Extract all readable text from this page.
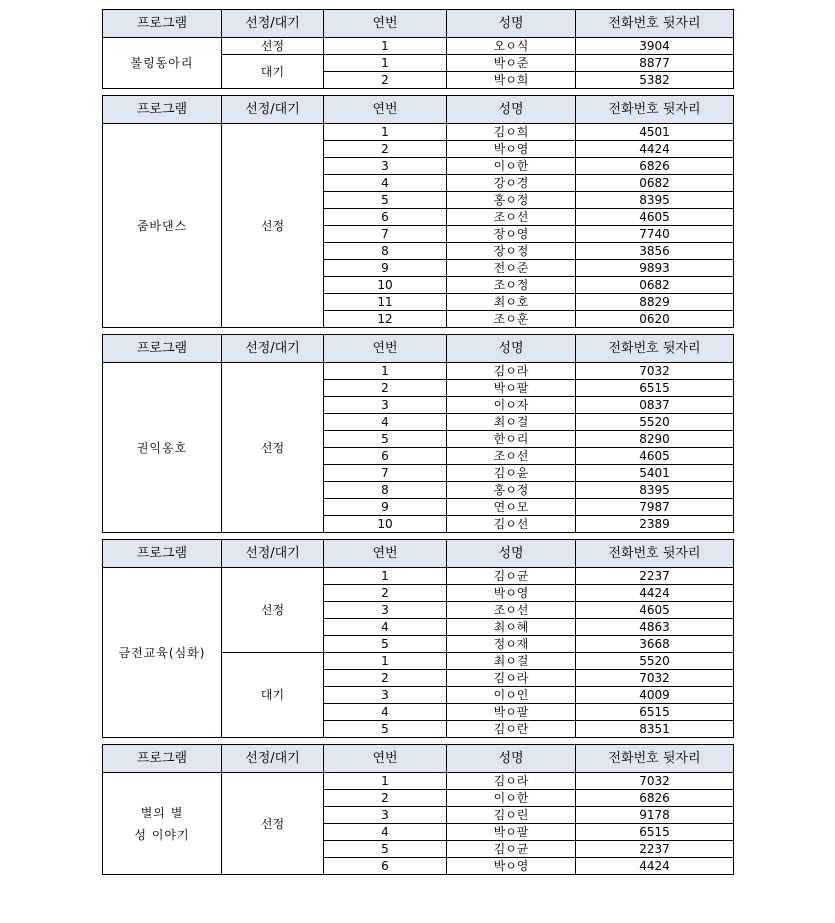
프로그램	선정/대기	연번	성명	전화번호 뒷자리
볼링동아리	선정	1	오ㅇ식	3904
	대기	1	박ㅇ준	8877
		2	박ㅇ희	5382
프로그램	선정/대기	연번	성명	전화번호 뒷자리
줌바댄스	선정	1	김ㅇ희	4501
		2	박ㅇ영	4424
		3	이ㅇ한	6826
		4	강ㅇ경	0682
		5	홍ㅇ정	8395
		6	조ㅇ선	4605
		7	장ㅇ영	7740
		8	장ㅇ정	3856
		9	전ㅇ준	9893
		10	조ㅇ정	0682
		11	최ㅇ호	8829
		12	조ㅇ훈	0620
프로그램	선정/대기	연번	성명	전화번호 뒷자리
권익옹호	선정	1	김ㅇ라	7032
		2	박ㅇ팔	6515
		3	이ㅇ자	0837
		4	최ㅇ걸	5520
		5	한ㅇ리	8290
		6	조ㅇ선	4605
		7	김ㅇ윤	5401
		8	홍ㅇ정	8395
		9	연ㅇ모	7987
		10	김ㅇ선	2389
프로그램	선정/대기	연번	성명	전화번호 뒷자리
금전교육(심화)	선정	1	김ㅇ균	2237
		2	박ㅇ영	4424
		3	조ㅇ선	4605
		4	최ㅇ혜	4863
		5	정ㅇ재	3668
	대기	1	최ㅇ걸	5520
		2	김ㅇ라	7032
		3	이ㅇ인	4009
		4	박ㅇ팔	6515
		5	김ㅇ란	8351
프로그램	선정/대기	연번	성명	전화번호 뒷자리
별의 별
성 이야기	선정	1	김ㅇ라	7032
		2	이ㅇ한	6826
		3	김ㅇ린	9178
		4	박ㅇ팔	6515
		5	김ㅇ균	2237
		6	박ㅇ영	4424
